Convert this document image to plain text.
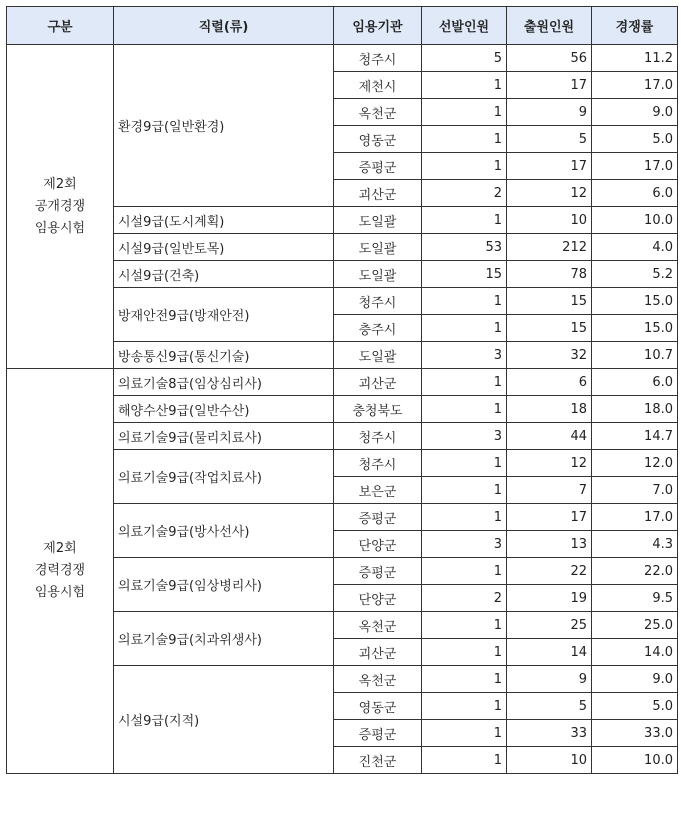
구분	직렬(류)	임용기관	선발인원	출원인원	경쟁률

제2회
공개경쟁
임용시험	환경9급(일반환경)	청주시	5	56	11.2
		제천시	1	17	17.0
		옥천군	1	9	9.0
		영동군	1	5	5.0
		증평군	1	17	17.0
		괴산군	2	12	6.0
	시설9급(도시계획)	도일괄	1	10	10.0
	시설9급(일반토목)	도일괄	53	212	4.0
	시설9급(건축)	도일괄	15	78	5.2
	방재안전9급(방재안전)	청주시	1	15	15.0
		충주시	1	15	15.0
	방송통신9급(통신기술)	도일괄	3	32	10.7

제2회
경력경쟁
임용시험	의료기술8급(임상심리사)	괴산군	1	6	6.0
	해양수산9급(일반수산)	충청북도	1	18	18.0
	의료기술9급(물리치료사)	청주시	3	44	14.7
	의료기술9급(작업치료사)	청주시	1	12	12.0
		보은군	1	7	7.0
	의료기술9급(방사선사)	증평군	1	17	17.0
		단양군	3	13	4.3
	의료기술9급(임상병리사)	증평군	1	22	22.0
		단양군	2	19	9.5
	의료기술9급(치과위생사)	옥천군	1	25	25.0
		괴산군	1	14	14.0
	시설9급(지적)	옥천군	1	9	9.0
		영동군	1	5	5.0
		증평군	1	33	33.0
		진천군	1	10	10.0
